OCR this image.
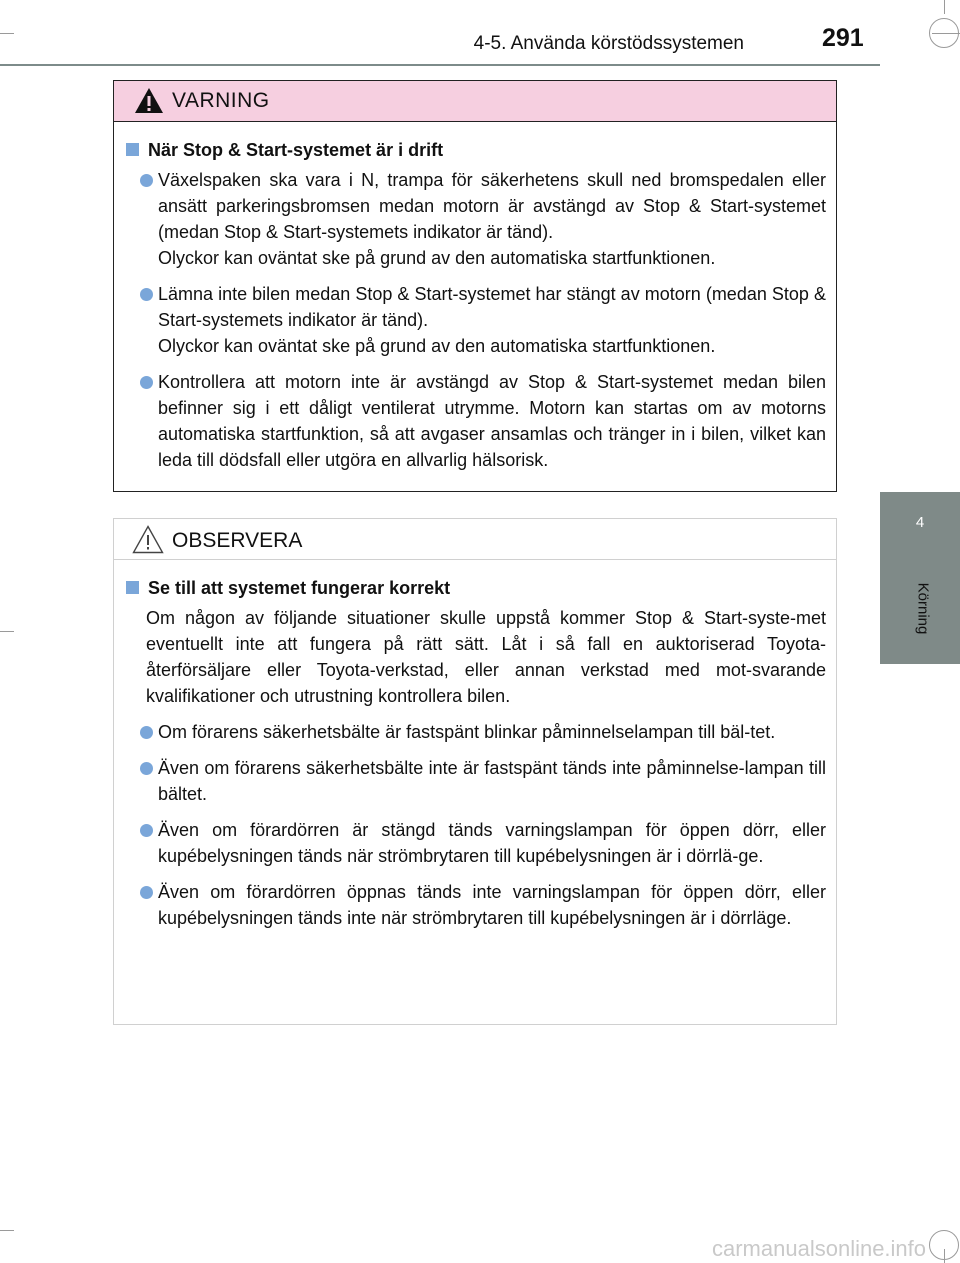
4-5. Använda körstödssystemen	291
4
Körning
VARNING
När Stop & Start-systemet är i drift
Växelspaken ska vara i N, trampa för säkerhetens skull ned bromspedalen eller ansätt parkeringsbromsen medan motorn är avstängd av Stop & Start-systemet (medan Stop & Start-systemets indikator är tänd).
Olyckor kan oväntat ske på grund av den automatiska startfunktionen.
Lämna inte bilen medan Stop & Start-systemet har stängt av motorn (medan Stop & Start-systemets indikator är tänd).
Olyckor kan oväntat ske på grund av den automatiska startfunktionen.
Kontrollera att motorn inte är avstängd av Stop & Start-systemet medan bilen befinner sig i ett dåligt ventilerat utrymme. Motorn kan startas om av motorns automatiska startfunktion, så att avgaser ansamlas och tränger in i bilen, vilket kan leda till dödsfall eller utgöra en allvarlig hälsorisk.
OBSERVERA
Se till att systemet fungerar korrekt
Om någon av följande situationer skulle uppstå kommer Stop & Start-syste-met eventuellt inte att fungera på rätt sätt. Låt i så fall en auktoriserad Toyota-återförsäljare eller Toyota-verkstad, eller annan verkstad med mot-svarande kvalifikationer och utrustning kontrollera bilen.
Om förarens säkerhetsbälte är fastspänt blinkar påminnelselampan till bäl-tet.
Även om förarens säkerhetsbälte inte är fastspänt tänds inte påminnelse-lampan till bältet.
Även om förardörren är stängd tänds varningslampan för öppen dörr, eller kupébelysningen tänds när strömbrytaren till kupébelysningen är i dörrlä-ge.
Även om förardörren öppnas tänds inte varningslampan för öppen dörr, eller kupébelysningen tänds inte när strömbrytaren till kupébelysningen är i dörrläge.
carmanualsonline.info
